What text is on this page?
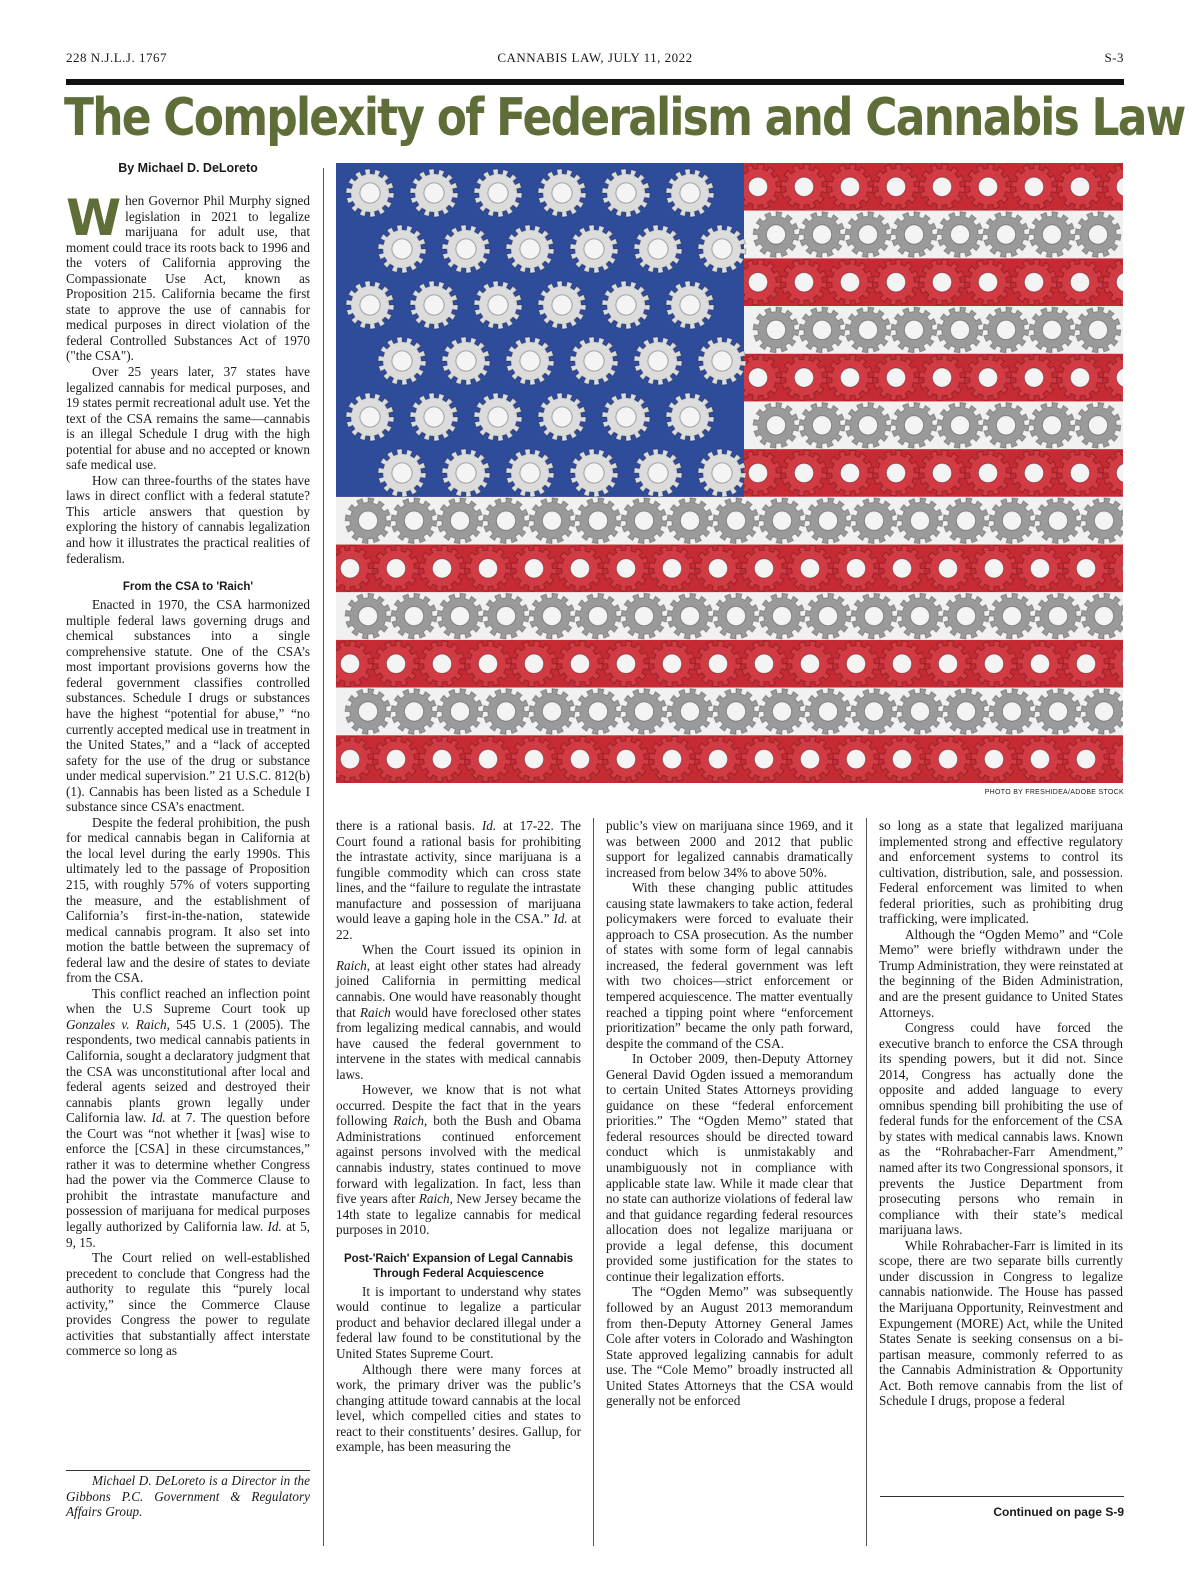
228 N.J.L.J. 1767	CANNABIS LAW, JULY 11, 2022	S-3
The Complexity of Federalism and Cannabis Law
By Michael D. DeLoreto
PHOTO BY FRESHIDEA/ADOBE STOCK

When Governor Phil Murphy signed legislation in 2021 to legalize marijuana for adult use, that moment could trace its roots back to 1996 and the voters of California approving the Compassionate Use Act, known as Proposition 215. California became the first state to approve the use of cannabis for medical purposes in direct violation of the federal Controlled Substances Act of 1970 ("the CSA").

Over 25 years later, 37 states have legalized cannabis for medical purposes, and 19 states permit recreational adult use. Yet the text of the CSA remains the same—cannabis is an illegal Schedule I drug with the high potential for abuse and no accepted or known safe medical use.

How can three-fourths of the states have laws in direct conflict with a federal statute? This article answers that question by exploring the history of cannabis legalization and how it illustrates the practical realities of federalism.

From the CSA to 'Raich'

Enacted in 1970, the CSA harmonized multiple federal laws governing drugs and chemical substances into a single comprehensive statute. One of the CSA’s most important provisions governs how the federal government classifies controlled substances. Schedule I drugs or substances have the highest “potential for abuse,” “no currently accepted medical use in treatment in the United States,” and a “lack of accepted safety for the use of the drug or substance under medical supervision.” 21 U.S.C. 812(b)(1). Cannabis has been listed as a Schedule I substance since CSA’s enactment.

Despite the federal prohibition, the push for medical cannabis began in California at the local level during the early 1990s. This ultimately led to the passage of Proposition 215, with roughly 57% of voters supporting the measure, and the establishment of California’s first-in-the-nation, statewide medical cannabis program. It also set into motion the battle between the supremacy of federal law and the desire of states to deviate from the CSA.

This conflict reached an inflection point when the U.S Supreme Court took up Gonzales v. Raich, 545 U.S. 1 (2005). The respondents, two medical cannabis patients in California, sought a declaratory judgment that the CSA was unconstitutional after local and federal agents seized and destroyed their cannabis plants grown legally under California law. Id. at 7. The question before the Court was “not whether it [was] wise to enforce the [CSA] in these circumstances,” rather it was to determine whether Congress had the power via the Commerce Clause to prohibit the intrastate manufacture and possession of marijuana for medical purposes legally authorized by California law. Id. at 5, 9, 15.

The Court relied on well-established precedent to conclude that Congress had the authority to regulate this “purely local activity,” since the Commerce Clause provides Congress the power to regulate activities that substantially affect interstate commerce so long as

Michael D. DeLoreto is a Director in the Gibbons P.C. Government & Regulatory Affairs Group.

there is a rational basis. Id. at 17-22. The Court found a rational basis for prohibiting the intrastate activity, since marijuana is a fungible commodity which can cross state lines, and the “failure to regulate the intrastate manufacture and possession of marijuana would leave a gaping hole in the CSA.” Id. at 22.

When the Court issued its opinion in Raich, at least eight other states had already joined California in permitting medical cannabis. One would have reasonably thought that Raich would have foreclosed other states from legalizing medical cannabis, and would have caused the federal government to intervene in the states with medical cannabis laws.

However, we know that is not what occurred. Despite the fact that in the years following Raich, both the Bush and Obama Administrations continued enforcement against persons involved with the medical cannabis industry, states continued to move forward with legalization. In fact, less than five years after Raich, New Jersey became the 14th state to legalize cannabis for medical purposes in 2010.

Post-'Raich' Expansion of Legal Cannabis Through Federal Acquiescence

It is important to understand why states would continue to legalize a particular product and behavior declared illegal under a federal law found to be constitutional by the United States Supreme Court.

Although there were many forces at work, the primary driver was the public’s changing attitude toward cannabis at the local level, which compelled cities and states to react to their constituents’ desires. Gallup, for example, has been measuring the

public’s view on marijuana since 1969, and it was between 2000 and 2012 that public support for legalized cannabis dramatically increased from below 34% to above 50%.

With these changing public attitudes causing state lawmakers to take action, federal policymakers were forced to evaluate their approach to CSA prosecution. As the number of states with some form of legal cannabis increased, the federal government was left with two choices—strict enforcement or tempered acquiescence. The matter eventually reached a tipping point where “enforcement prioritization” became the only path forward, despite the command of the CSA.

In October 2009, then-Deputy Attorney General David Ogden issued a memorandum to certain United States Attorneys providing guidance on these “federal enforcement priorities.” The “Ogden Memo” stated that federal resources should be directed toward conduct which is unmistakably and unambiguously not in compliance with applicable state law. While it made clear that no state can authorize violations of federal law and that guidance regarding federal resources allocation does not legalize marijuana or provide a legal defense, this document provided some justification for the states to continue their legalization efforts.

The “Ogden Memo” was subsequently followed by an August 2013 memorandum from then-Deputy Attorney General James Cole after voters in Colorado and Washington State approved legalizing cannabis for adult use. The “Cole Memo” broadly instructed all United States Attorneys that the CSA would generally not be enforced

so long as a state that legalized marijuana implemented strong and effective regulatory and enforcement systems to control its cultivation, distribution, sale, and possession. Federal enforcement was limited to when federal priorities, such as prohibiting drug trafficking, were implicated.

Although the “Ogden Memo” and “Cole Memo” were briefly withdrawn under the Trump Administration, they were reinstated at the beginning of the Biden Administration, and are the present guidance to United States Attorneys.

Congress could have forced the executive branch to enforce the CSA through its spending powers, but it did not. Since 2014, Congress has actually done the opposite and added language to every omnibus spending bill prohibiting the use of federal funds for the enforcement of the CSA by states with medical cannabis laws. Known as the “Rohrabacher-Farr Amendment,” named after its two Congressional sponsors, it prevents the Justice Department from prosecuting persons who remain in compliance with their state’s medical marijuana laws.

While Rohrabacher-Farr is limited in its scope, there are two separate bills currently under discussion in Congress to legalize cannabis nationwide. The House has passed the Marijuana Opportunity, Reinvestment and Expungement (MORE) Act, while the United States Senate is seeking consensus on a bi-partisan measure, commonly referred to as the Cannabis Administration & Opportunity Act. Both remove cannabis from the list of Schedule I drugs, propose a federal

Continued on page S-9
